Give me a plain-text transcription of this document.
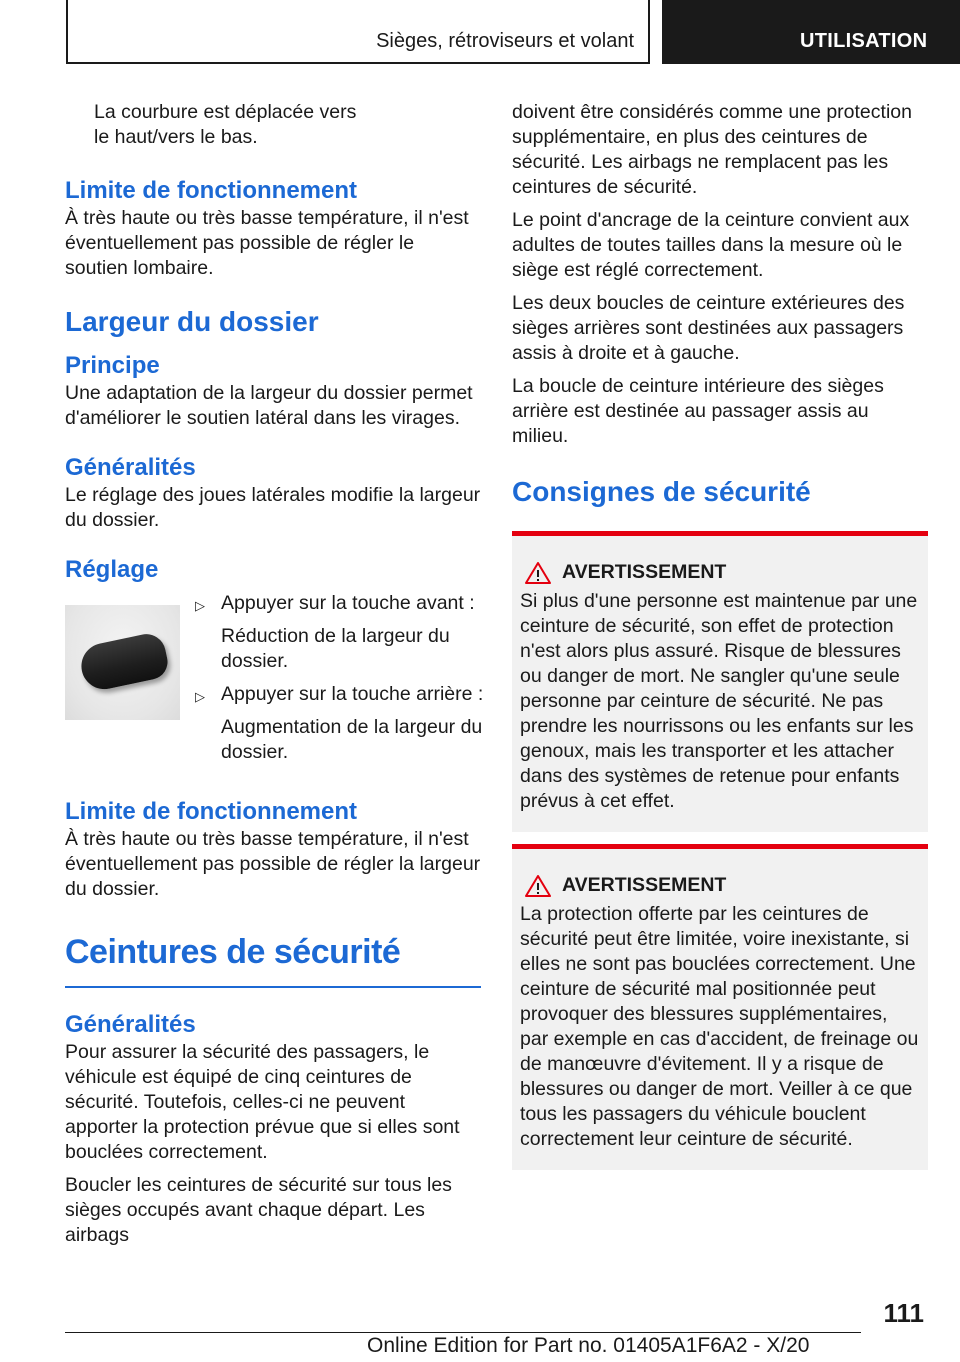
Sièges, rétroviseurs et volant	UTILISATION

La courbure est déplacée vers

le haut/vers le bas.

Limite de fonctionnement

À très haute ou très basse température, il n'est éventuellement pas possible de régler le soutien lombaire.

Largeur du dossier
Principe

Une adaptation de la largeur du dossier permet d'améliorer le soutien latéral dans les virages.

Généralités

Le réglage des joues latérales modifie la largeur du dossier.

Réglage
▷ Appuyer sur la touche avant :
Réduction de la largeur du dossier.
▷ Appuyer sur la touche arrière :
Augmentation de la largeur du dossier.
Limite de fonctionnement

À très haute ou très basse température, il n'est éventuellement pas possible de régler la largeur du dossier.

Ceintures de sécurité
Généralités

Pour assurer la sécurité des passagers, le véhicule est équipé de cinq ceintures de sécurité. Toutefois, celles-ci ne peuvent apporter la protection prévue que si elles sont bouclées correctement.

Boucler les ceintures de sécurité sur tous les sièges occupés avant chaque départ. Les airbags

doivent être considérés comme une protection supplémentaire, en plus des ceintures de sécurité. Les airbags ne remplacent pas les ceintures de sécurité.

Le point d'ancrage de la ceinture convient aux adultes de toutes tailles dans la mesure où le siège est réglé correctement.

Les deux boucles de ceinture extérieures des sièges arrières sont destinées aux passagers assis à droite et à gauche.

La boucle de ceinture intérieure des sièges arrière est destinée au passager assis au milieu.

Consignes de sécurité
AVERTISSEMENT

Si plus d'une personne est maintenue par une ceinture de sécurité, son effet de protection n'est alors plus assuré. Risque de blessures ou danger de mort. Ne sangler qu'une seule personne par ceinture de sécurité. Ne pas prendre les nourrissons ou les enfants sur les genoux, mais les transporter et les attacher dans des systèmes de retenue pour enfants prévus à cet effet.

AVERTISSEMENT

La protection offerte par les ceintures de sécurité peut être limitée, voire inexistante, si elles ne sont pas bouclées correctement. Une ceinture de sécurité mal positionnée peut provoquer des blessures supplémentaires, par exemple en cas d'accident, de freinage ou de manœuvre d'évitement. Il y a risque de blessures ou danger de mort. Veiller à ce que tous les passagers du véhicule bouclent correctement leur ceinture de sécurité.

111
Online Edition for Part no. 01405A1F6A2 - X/20
